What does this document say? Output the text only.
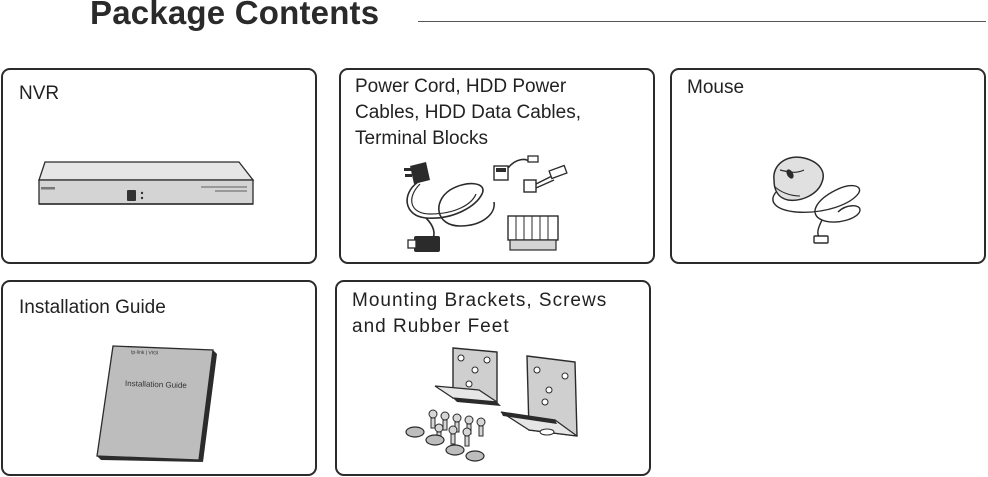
Package Contents

NVR	Power Cord, HDD Power
Cables, HDD Data Cables,
Terminal Blocks

Mouse

Installation Guide

tp-link | VIGI
Installation Guide

Mounting Brackets, Screws
and Rubber Feet
